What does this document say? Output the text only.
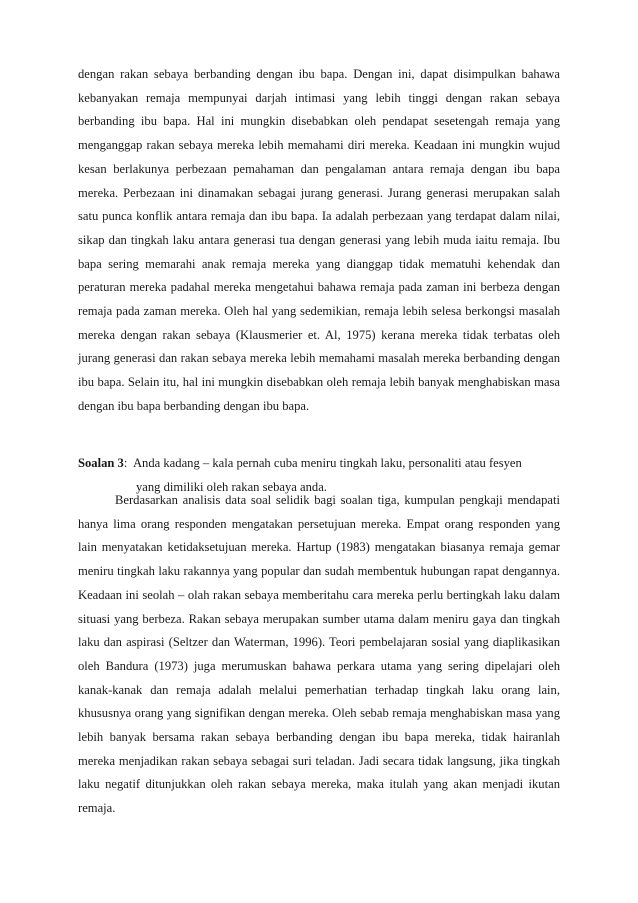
dengan rakan sebaya berbanding dengan ibu bapa. Dengan ini, dapat disimpulkan bahawa kebanyakan remaja mempunyai darjah intimasi yang lebih tinggi dengan rakan sebaya berbanding ibu bapa. Hal ini mungkin disebabkan oleh pendapat sesetengah remaja yang menganggap rakan sebaya mereka lebih memahami diri mereka. Keadaan ini mungkin wujud kesan berlakunya perbezaan pemahaman dan pengalaman antara remaja dengan ibu bapa mereka. Perbezaan ini dinamakan sebagai jurang generasi. Jurang generasi merupakan salah satu punca konflik antara remaja dan ibu bapa. Ia adalah perbezaan yang terdapat dalam nilai, sikap dan tingkah laku antara generasi tua dengan generasi yang lebih muda iaitu remaja. Ibu bapa sering memarahi anak remaja mereka yang dianggap tidak mematuhi kehendak dan peraturan mereka padahal mereka mengetahui bahawa remaja pada zaman ini berbeza dengan remaja pada zaman mereka. Oleh hal yang sedemikian, remaja lebih selesa berkongsi masalah mereka dengan rakan sebaya (Klausmerier et. Al, 1975) kerana mereka tidak terbatas oleh jurang generasi dan rakan sebaya mereka lebih memahami masalah mereka berbanding dengan ibu bapa. Selain itu, hal ini mungkin disebabkan oleh remaja lebih banyak menghabiskan masa dengan ibu bapa berbanding dengan ibu bapa.

Soalan 3:  Anda kadang – kala pernah cuba meniru tingkah laku, personaliti atau fesyen
yang dimiliki oleh rakan sebaya anda.

Berdasarkan analisis data soal selidik bagi soalan tiga, kumpulan pengkaji mendapati hanya lima orang responden mengatakan persetujuan mereka. Empat orang responden yang lain menyatakan ketidaksetujuan mereka. Hartup (1983) mengatakan biasanya remaja gemar meniru tingkah laku rakannya yang popular dan sudah membentuk hubungan rapat dengannya. Keadaan ini seolah – olah rakan sebaya memberitahu cara mereka perlu bertingkah laku dalam situasi yang berbeza. Rakan sebaya merupakan sumber utama dalam meniru gaya dan tingkah laku dan aspirasi (Seltzer dan Waterman, 1996). Teori pembelajaran sosial yang diaplikasikan oleh Bandura (1973) juga merumuskan bahawa perkara utama yang sering dipelajari oleh kanak-kanak dan remaja adalah melalui pemerhatian terhadap tingkah laku orang lain, khususnya orang yang signifikan dengan mereka. Oleh sebab remaja menghabiskan masa yang lebih banyak bersama rakan sebaya berbanding dengan ibu bapa mereka, tidak hairanlah mereka menjadikan rakan sebaya sebagai suri teladan. Jadi secara tidak langsung, jika tingkah laku negatif ditunjukkan oleh rakan sebaya mereka, maka itulah yang akan menjadi ikutan remaja.
